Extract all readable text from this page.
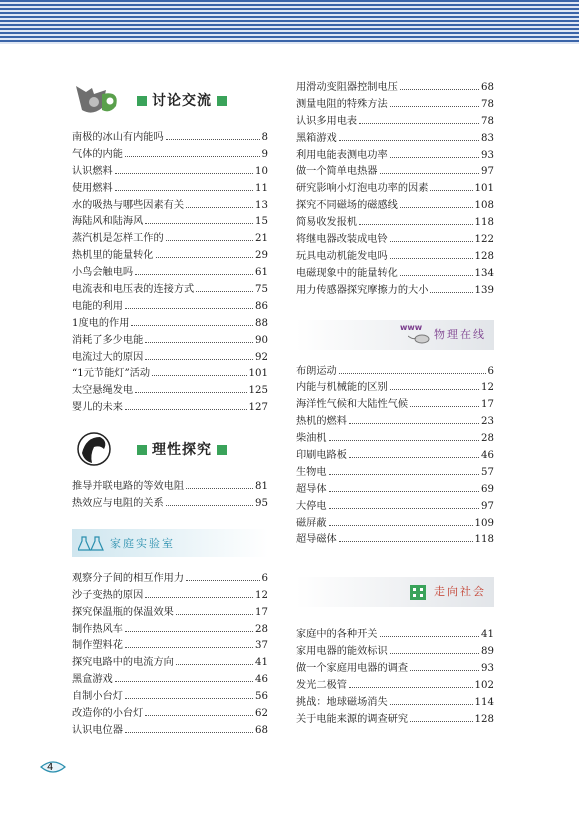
讨论交流
南极的冰山有内能吗	8
气体的内能	9
认识燃料	10
使用燃料	11
水的吸热与哪些因素有关	13
海陆风和陆海风	15
蒸汽机是怎样工作的	21
热机里的能量转化	29
小鸟会触电吗	61
电流表和电压表的连接方式	75
电能的利用	86
1度电的作用	88
消耗了多少电能	90
电流过大的原因	92
“1元节能灯”活动	101
太空悬绳发电	125
婴儿的未来	127
理性探究
推导并联电路的等效电阻	81
热效应与电阻的关系	95
家庭实验室
观察分子间的相互作用力	6
沙子变热的原因	12
探究保温瓶的保温效果	17
制作热风车	28
制作塑料花	37
探究电路中的电流方向	41
黑盒游戏	46
自制小台灯	56
改造你的小台灯	62
认识电位器	68
用滑动变阻器控制电压	68
测量电阻的特殊方法	78
认识多用电表	78
黑箱游戏	83
利用电能表测电功率	93
做一个简单电热器	97
研究影响小灯泡电功率的因素	101
探究不同磁场的磁感线	108
简易收发报机	118
将继电器改装成电铃	122
玩具电动机能发电吗	128
电磁现象中的能量转化	134
用力传感器探究摩擦力的大小	139
www
物理在线
布朗运动	6
内能与机械能的区别	12
海洋性气候和大陆性气候	17
热机的燃料	23
柴油机	28
印刷电路板	46
生物电	57
超导体	69
大停电	97
磁屏蔽	109
超导磁体	118
走向社会
家庭中的各种开关	41
家用电器的能效标识	89
做一个家庭用电器的调查	93
发光二极管	102
挑战：地球磁场消失	114
关于电能来源的调查研究	128
4
